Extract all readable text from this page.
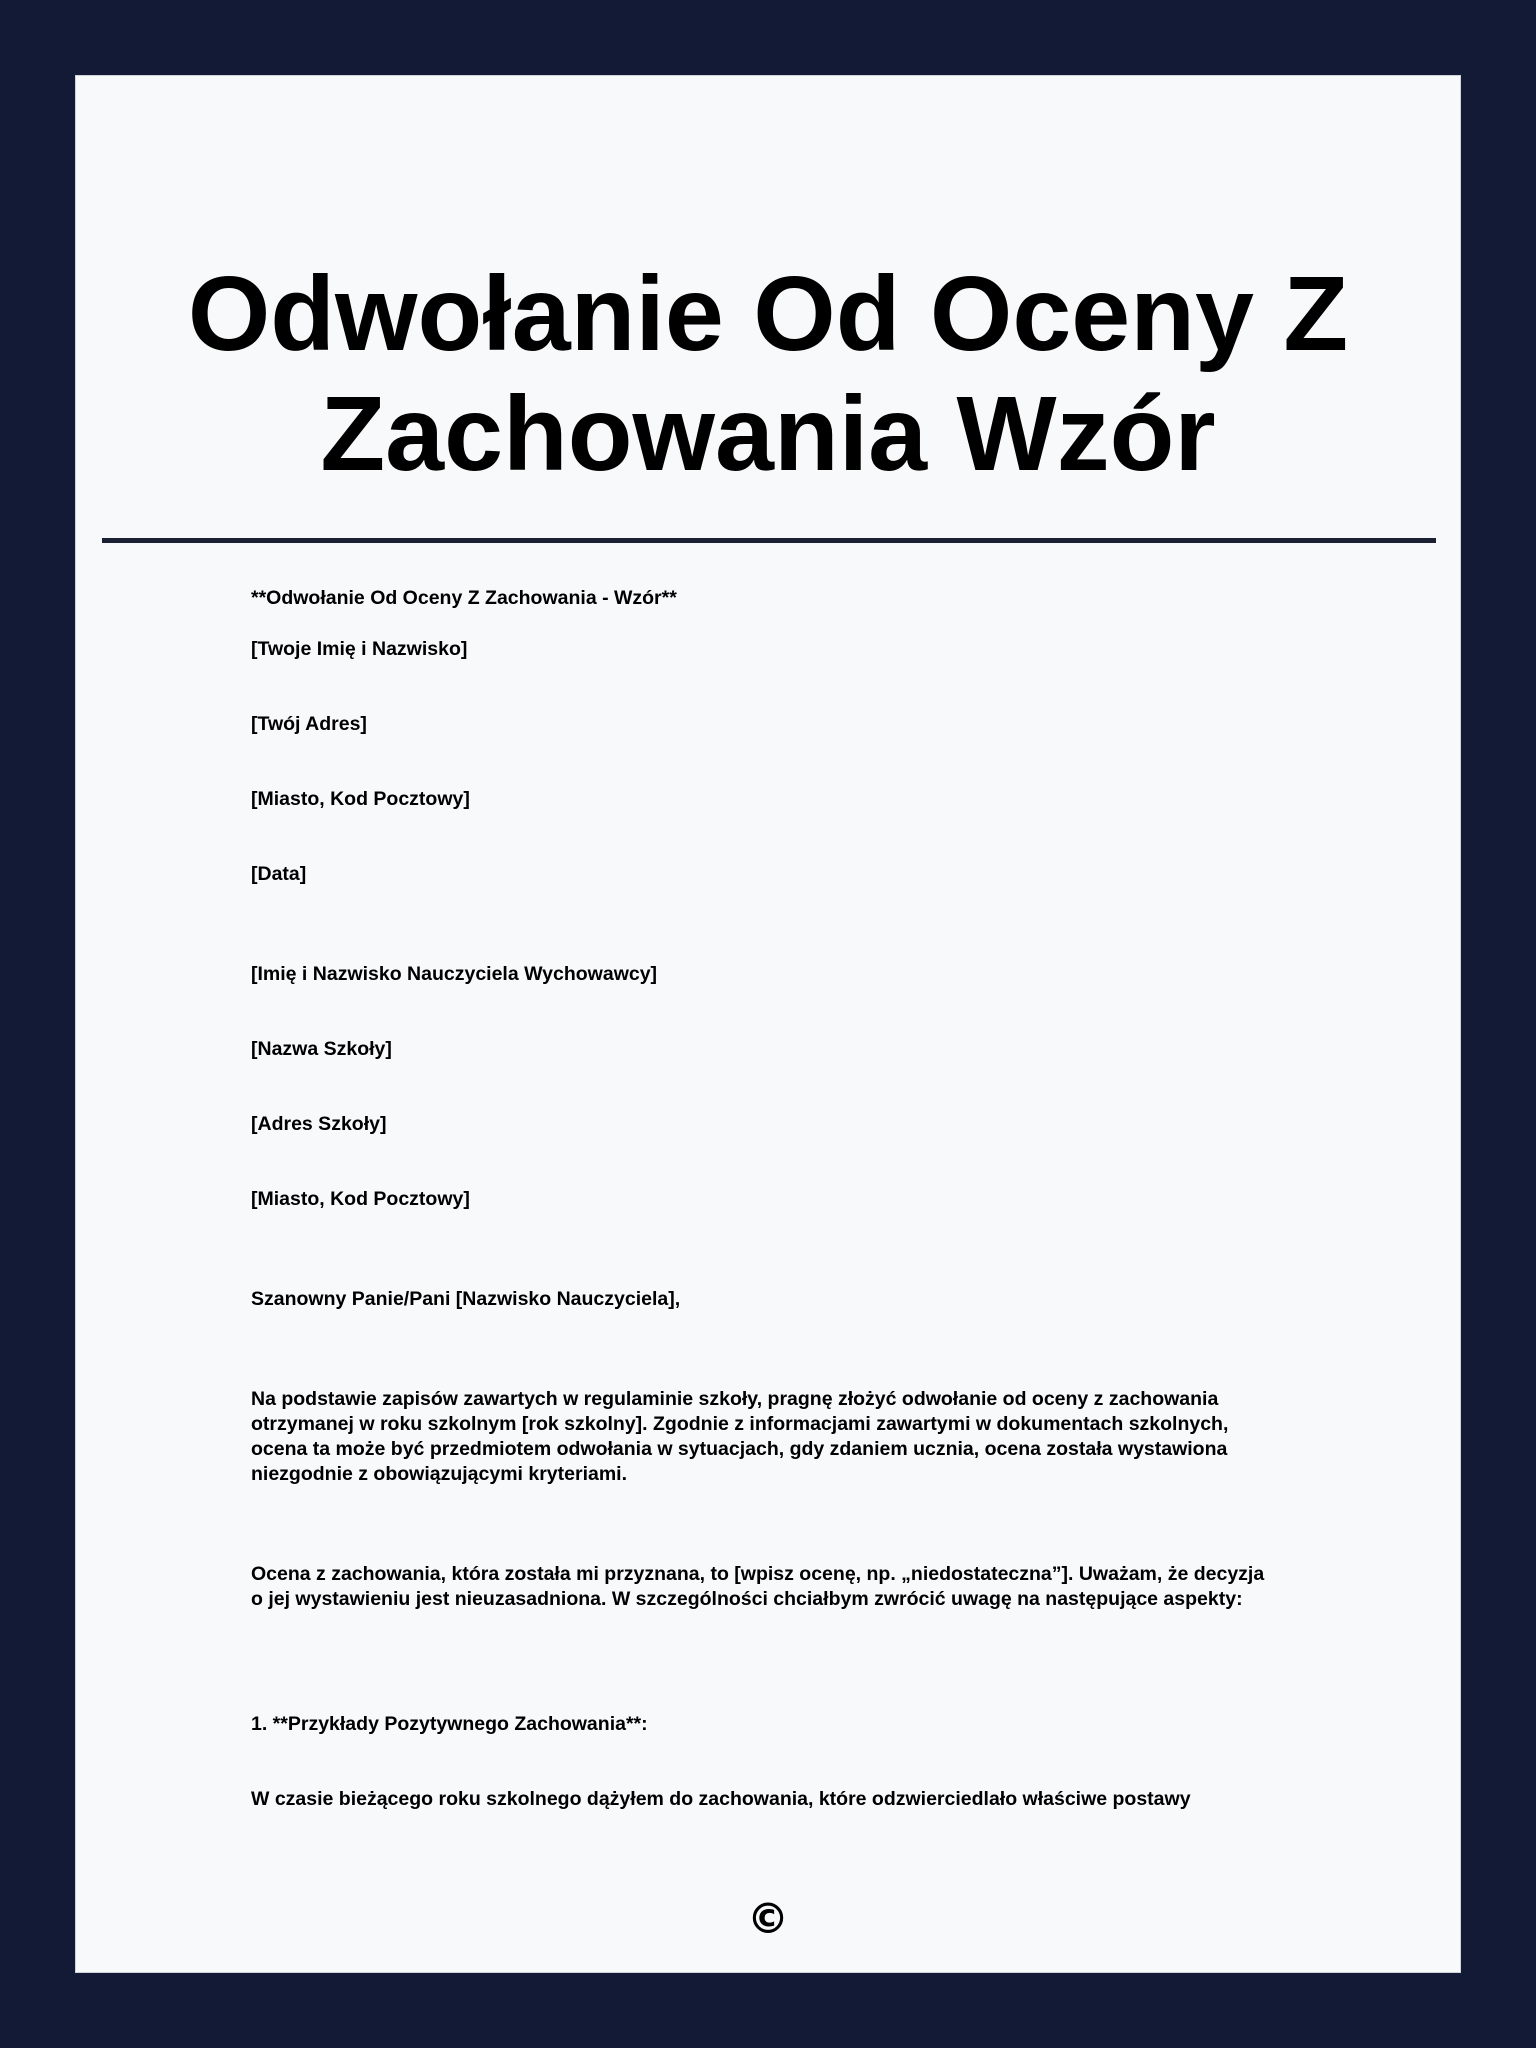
Odwołanie Od Oceny Z Zachowania Wzór

**Odwołanie Od Oceny Z Zachowania - Wzór**

[Twoje Imię i Nazwisko]

[Twój Adres]

[Miasto, Kod Pocztowy]

[Data]

[Imię i Nazwisko Nauczyciela Wychowawcy]

[Nazwa Szkoły]

[Adres Szkoły]

[Miasto, Kod Pocztowy]

Szanowny Panie/Pani [Nazwisko Nauczyciela],

Na podstawie zapisów zawartych w regulaminie szkoły, pragnę złożyć odwołanie od oceny z zachowania otrzymanej w roku szkolnym [rok szkolny]. Zgodnie z informacjami zawartymi w dokumentach szkolnych, ocena ta może być przedmiotem odwołania w sytuacjach, gdy zdaniem ucznia, ocena została wystawiona niezgodnie z obowiązującymi kryteriami.

Ocena z zachowania, która została mi przyznana, to [wpisz ocenę, np. „niedostateczna”]. Uważam, że decyzja o jej wystawieniu jest nieuzasadniona. W szczególności chciałbym zwrócić uwagę na następujące aspekty:

1. **Przykłady Pozytywnego Zachowania**:

W czasie bieżącego roku szkolnego dążyłem do zachowania, które odzwierciedlało właściwe postawy

©
